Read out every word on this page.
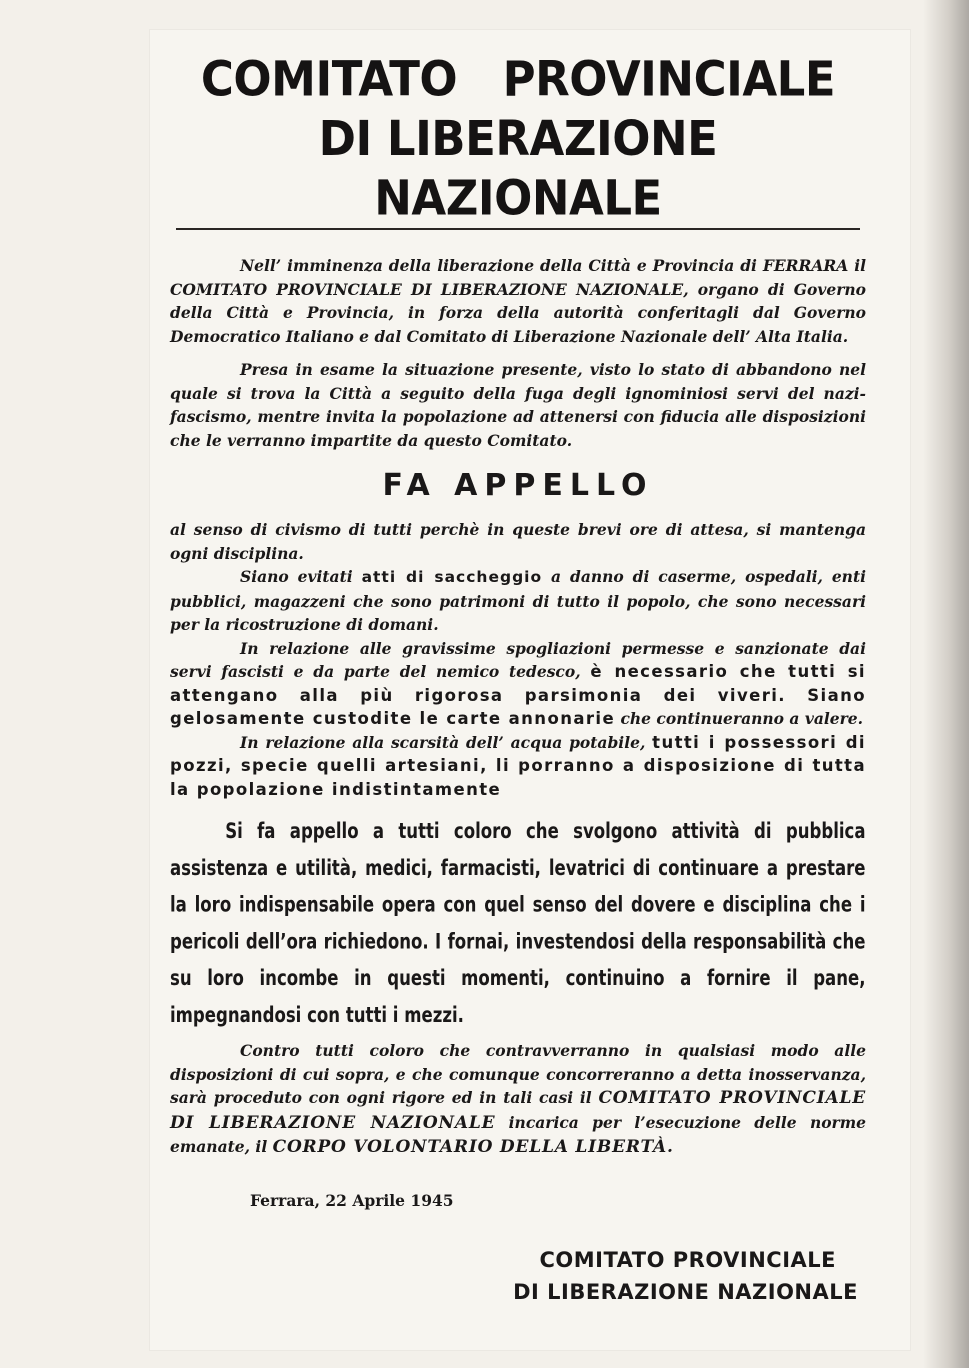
COMITATO   PROVINCIALE
DI LIBERAZIONE NAZIONALE

Nell’ imminenza della liberazione della Città e Provincia di FERRARA il COMITATO PROVINCIALE DI LIBERAZIONE NAZIONALE, organo di Governo della Città e Provincia, in forza della autorità conferitagli dal Governo Democratico Italiano e dal Comitato di Liberazione Nazionale dell’ Alta Italia.

Presa in esame la situazione presente, visto lo stato di abbandono nel quale si trova la Città a seguito della fuga degli ignominiosi servi del nazi-fascismo, mentre invita la popolazione ad attenersi con fiducia alle disposizioni che le verranno impartite da questo Comitato.

FA APPELLO

al senso di civismo di tutti perchè in queste brevi ore di attesa, si mantenga ogni disciplina.

Siano evitati atti di saccheggio a danno di caserme, ospedali, enti pubblici, magazzeni che sono patrimoni di tutto il popolo, che sono necessari per la ricostruzione di domani.

In relazione alle gravissime spogliazioni permesse e sanzionate dai servi fascisti e da parte del nemico tedesco, è necessario che tutti si attengano alla più rigorosa parsimonia dei viveri. Siano gelosamente custodite le carte annonarie che continueranno a valere.

In relazione alla scarsità dell’ acqua potabile, tutti i possessori di pozzi, specie quelli artesiani, li porranno a disposizione di tutta la popolazione indistintamente

Si fa appello a tutti coloro che svolgono attività di pubblica assistenza e utilità, medici, farmacisti, levatrici di continuare a prestare la loro indispensabile opera con quel senso del dovere e disciplina che i pericoli dell’ora richiedono. I fornai, investendosi della responsabilità che su loro incombe in questi momenti, continuino a fornire il pane, impegnandosi con tutti i mezzi.

Contro tutti coloro che contravverranno in qualsiasi modo alle disposizioni di cui sopra, e che comunque concorreranno a detta inosservanza, sarà proceduto con ogni rigore ed in tali casi il COMITATO PROVINCIALE DI LIBERAZIONE NAZIONALE incarica per l’esecuzione delle norme emanate, il CORPO VOLONTARIO DELLA LIBERTÀ.

Ferrara, 22 Aprile 1945
COMITATO PROVINCIALE
DI LIBERAZIONE NAZIONALE
